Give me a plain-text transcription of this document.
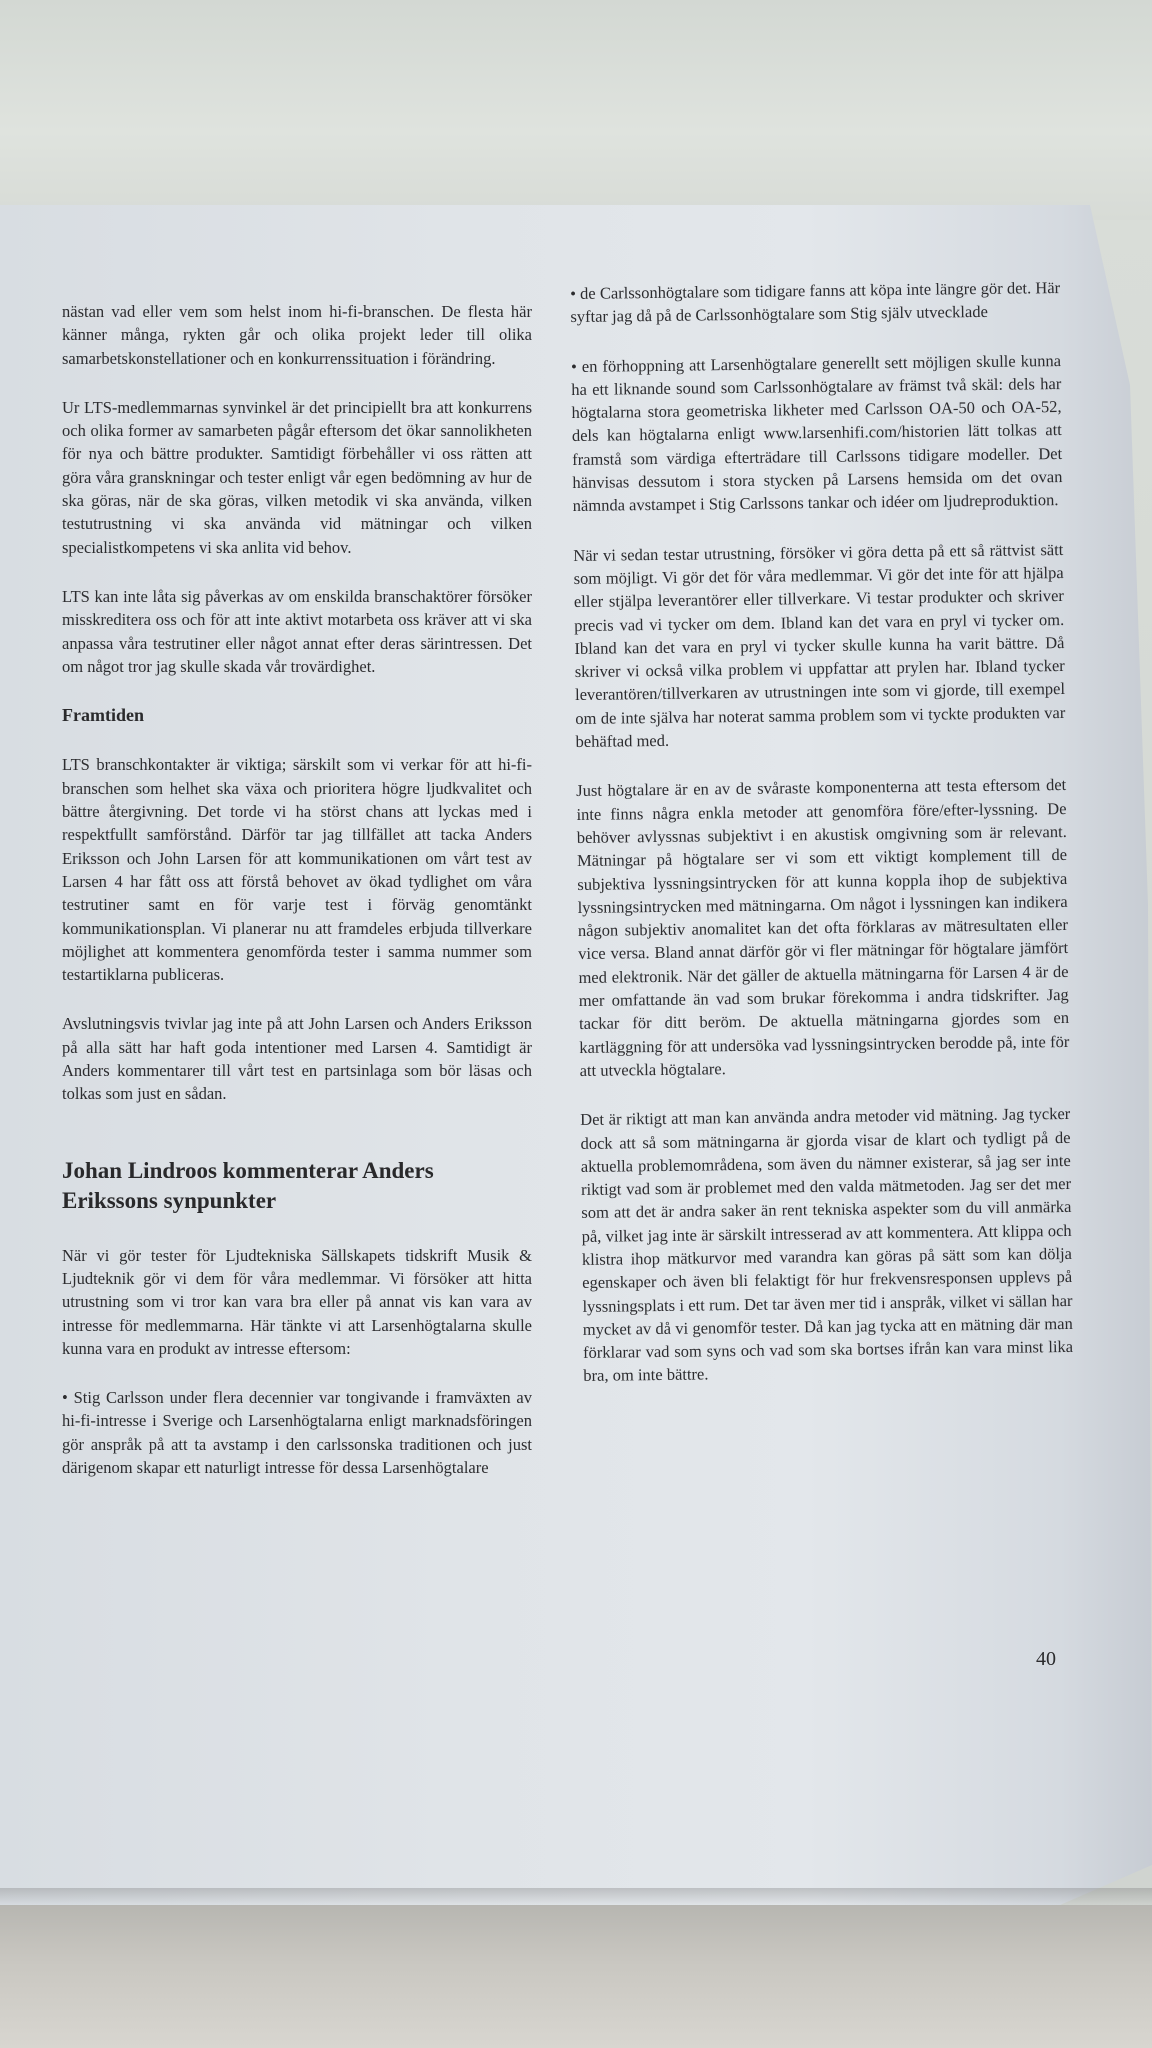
nästan vad eller vem som helst inom hi-fi-branschen. De flesta här känner många, rykten går och olika projekt leder till olika samarbetskonstellationer och en konkurrenssituation i förändring.

Ur LTS-medlemmarnas synvinkel är det principiellt bra att konkurrens och olika former av samarbeten pågår eftersom det ökar sannolikheten för nya och bättre produkter. Samtidigt förbehåller vi oss rätten att göra våra granskningar och tester enligt vår egen bedömning av hur de ska göras, när de ska göras, vilken metodik vi ska använda, vilken testutrustning vi ska använda vid mätningar och vilken specialistkompetens vi ska anlita vid behov.

LTS kan inte låta sig påverkas av om enskilda branschaktörer försöker misskreditera oss och för att inte aktivt motarbeta oss kräver att vi ska anpassa våra testrutiner eller något annat efter deras särintressen. Det om något tror jag skulle skada vår trovärdighet.

Framtiden

LTS branschkontakter är viktiga; särskilt som vi verkar för att hi-fi-branschen som helhet ska växa och prioritera högre ljudkvalitet och bättre återgivning. Det torde vi ha störst chans att lyckas med i respektfullt samförstånd. Därför tar jag tillfället att tacka Anders Eriksson och John Larsen för att kommunikationen om vårt test av Larsen 4 har fått oss att förstå behovet av ökad tydlighet om våra testrutiner samt en för varje test i förväg genomtänkt kommunikationsplan. Vi planerar nu att framdeles erbjuda tillverkare möjlighet att kommentera genomförda tester i samma nummer som testartiklarna publiceras.

Avslutningsvis tvivlar jag inte på att John Larsen och Anders Eriksson på alla sätt har haft goda intentioner med Larsen 4. Samtidigt är Anders kommentarer till vårt test en partsinlaga som bör läsas och tolkas som just en sådan.

Johan Lindroos kommenterar Anders Erikssons synpunkter

När vi gör tester för Ljudtekniska Sällskapets tidskrift Musik & Ljudteknik gör vi dem för våra medlemmar. Vi försöker att hitta utrustning som vi tror kan vara bra eller på annat vis kan vara av intresse för medlemmarna. Här tänkte vi att Larsenhögtalarna skulle kunna vara en produkt av intresse eftersom:

• Stig Carlsson under flera decennier var tongivande i framväxten av hi-fi-intresse i Sverige och Larsenhögtalarna enligt marknadsföringen gör anspråk på att ta avstamp i den carlssonska traditionen och just därigenom skapar ett naturligt intresse för dessa Larsenhögtalare

• de Carlssonhögtalare som tidigare fanns att köpa inte längre gör det. Här syftar jag då på de Carlssonhögtalare som Stig själv utvecklade

• en förhoppning att Larsenhögtalare generellt sett möjligen skulle kunna ha ett liknande sound som Carlssonhögtalare av främst två skäl: dels har högtalarna stora geometriska likheter med Carlsson OA-50 och OA-52, dels kan högtalarna enligt www.larsenhifi.com/historien lätt tolkas att framstå som värdiga efterträdare till Carlssons tidigare modeller. Det hänvisas dessutom i stora stycken på Larsens hemsida om det ovan nämnda avstampet i Stig Carlssons tankar och idéer om ljudreproduktion.

När vi sedan testar utrustning, försöker vi göra detta på ett så rättvist sätt som möjligt. Vi gör det för våra medlemmar. Vi gör det inte för att hjälpa eller stjälpa leverantörer eller tillverkare. Vi testar produkter och skriver precis vad vi tycker om dem. Ibland kan det vara en pryl vi tycker om. Ibland kan det vara en pryl vi tycker skulle kunna ha varit bättre. Då skriver vi också vilka problem vi uppfattar att prylen har. Ibland tycker leverantören/tillverkaren av utrustningen inte som vi gjorde, till exempel om de inte själva har noterat samma problem som vi tyckte produkten var behäftad med.

Just högtalare är en av de svåraste komponenterna att testa eftersom det inte finns några enkla metoder att genomföra före/efter-lyssning. De behöver avlyssnas subjektivt i en akustisk omgivning som är relevant. Mätningar på högtalare ser vi som ett viktigt komplement till de subjektiva lyssningsintrycken för att kunna koppla ihop de subjektiva lyssningsintrycken med mätningarna. Om något i lyssningen kan indikera någon subjektiv anomalitet kan det ofta förklaras av mätresultaten eller vice versa. Bland annat därför gör vi fler mätningar för högtalare jämfört med elektronik. När det gäller de aktuella mätningarna för Larsen 4 är de mer omfattande än vad som brukar förekomma i andra tidskrifter. Jag tackar för ditt beröm. De aktuella mätningarna gjordes som en kartläggning för att undersöka vad lyssningsintrycken berodde på, inte för att utveckla högtalare.

Det är riktigt att man kan använda andra metoder vid mätning. Jag tycker dock att så som mätningarna är gjorda visar de klart och tydligt på de aktuella problemområdena, som även du nämner existerar, så jag ser inte riktigt vad som är problemet med den valda mätmetoden. Jag ser det mer som att det är andra saker än rent tekniska aspekter som du vill anmärka på, vilket jag inte är särskilt intresserad av att kommentera. Att klippa och klistra ihop mätkurvor med varandra kan göras på sätt som kan dölja egenskaper och även bli felaktigt för hur frekvensresponsen upplevs på lyssningsplats i ett rum. Det tar även mer tid i anspråk, vilket vi sällan har mycket av då vi genomför tester. Då kan jag tycka att en mätning där man förklarar vad som syns och vad som ska bortses ifrån kan vara minst lika bra, om inte bättre.

40
